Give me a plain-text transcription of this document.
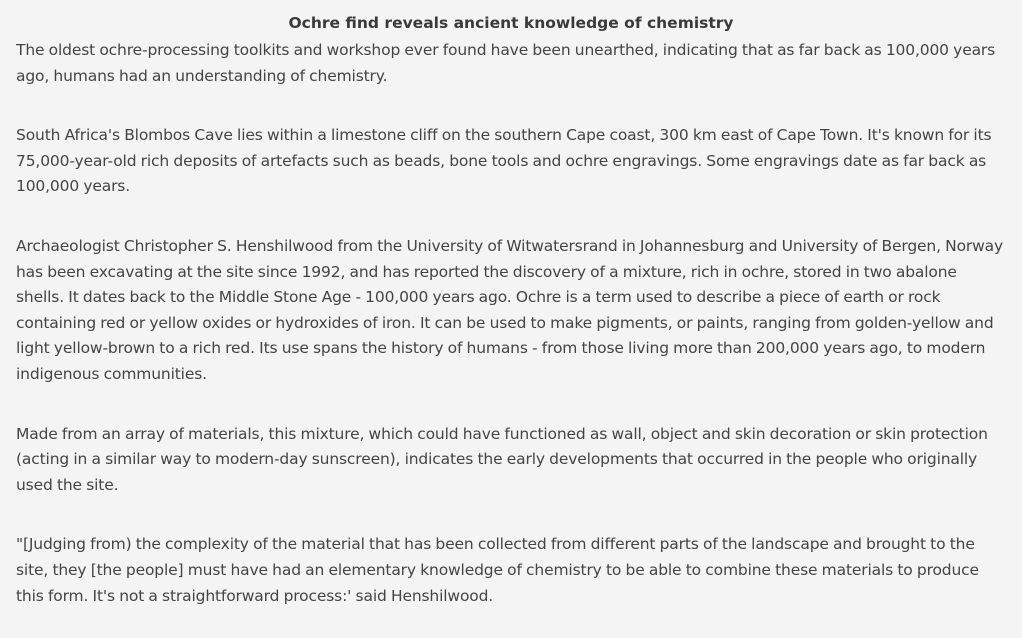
Ochre find reveals ancient knowledge of chemistry

The oldest ochre-processing toolkits and workshop ever found have been unearthed, indicating that as far back as 100,000 years ago, humans had an understanding of chemistry.

South Africa's Blombos Cave lies within a limestone cliff on the southern Cape coast, 300 km east of Cape Town. It's known for its 75,000-year-old rich deposits of artefacts such as beads, bone tools and ochre engravings. Some engravings date as far back as 100,000 years.

Archaeologist Christopher S. Henshilwood from the University of Witwatersrand in Johannesburg and University of Bergen, Norway has been excavating at the site since 1992, and has reported the discovery of a mixture, rich in ochre, stored in two abalone shells. It dates back to the Middle Stone Age - 100,000 years ago. Ochre is a term used to describe a piece of earth or rock containing red or yellow oxides or hydroxides of iron. It can be used to make pigments, or paints, ranging from golden-yellow and light yellow-brown to a rich red. Its use spans the history of humans - from those living more than 200,000 years ago, to modern indigenous communities.

Made from an array of materials, this mixture, which could have functioned as wall, object and skin decoration or skin protection (acting in a similar way to modern-day sunscreen), indicates the early developments that occurred in the people who originally used the site.

"[Judging from) the complexity of the material that has been collected from different parts of the landscape and brought to the site, they [the people] must have had an elementary knowledge of chemistry to be able to combine these materials to produce this form. It's not a straightforward process:' said Henshilwood.
